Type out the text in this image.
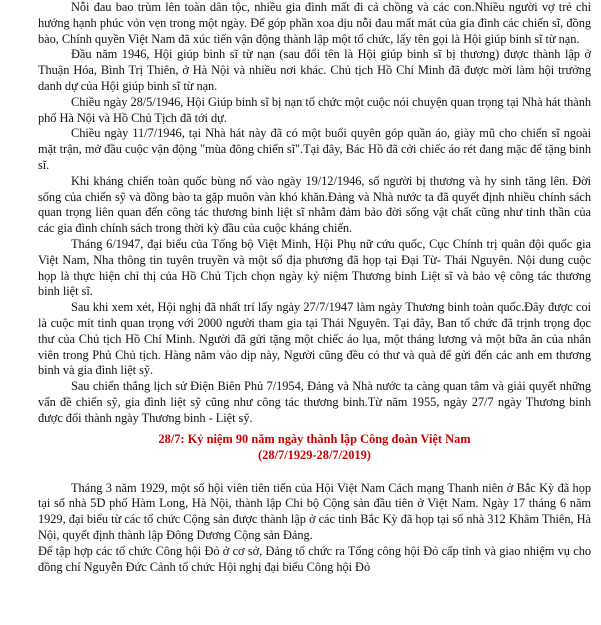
Nỗi đau bao trùm lên toàn dân tộc, nhiều gia đình mất đi cả chồng và các con.Nhiều người vợ trẻ chỉ hướng hạnh phúc vỏn vẹn trong một ngày. Để góp phần xoa dịu nỗi đau mất mát của gia đình các chiến sĩ, đồng bào, Chính quyền Việt Nam đã xúc tiến vận động thành lập một tổ chức, lấy tên gọi là Hội giúp binh sĩ từ nạn.

Đầu năm 1946, Hội giúp binh sĩ từ nạn (sau đổi tên là Hội giúp binh sĩ bị thương) được thành lập ở Thuận Hóa, Bình Trị Thiên, ở Hà Nội và nhiều nơi khác. Chủ tịch Hồ Chí Minh đã được mời làm hội trưởng danh dự của Hội giúp binh sĩ từ nạn.

Chiều ngày 28/5/1946, Hội Giúp binh sĩ bị nạn tổ chức một cuộc nói chuyện quan trọng tại Nhà hát thành phố Hà Nội và Hồ Chủ Tịch đã tới dự.

Chiều ngày 11/7/1946, tại Nhà hát này đã có một buổi quyên góp quần áo, giày mũ cho chiến sĩ ngoài mặt trận, mở đầu cuộc vận động "mùa đông chiến sĩ".Tại đây, Bác Hồ đã cởi chiếc áo rét đang mặc để tặng binh sĩ.

Khi kháng chiến toàn quốc bùng nổ vào ngày 19/12/1946, số người bị thương và hy sinh tăng lên. Đời sống của chiến sỹ và đồng bào ta gặp muôn vàn khó khăn.Đảng và Nhà nước ta đã quyết định nhiều chính sách quan trọng liên quan đến công tác thương binh liệt sĩ nhằm đảm bảo đời sống vật chất cũng như tinh thần của các gia đình chính sách trong thời kỳ đầu của cuộc kháng chiến.

Tháng 6/1947, đại biểu của Tổng bộ Việt Minh, Hội Phụ nữ cứu quốc, Cục Chính trị quân đội quốc gia Việt Nam, Nha thông tin tuyên truyền và một số địa phương đã họp tại Đại Từ- Thái Nguyên. Nội dung cuộc họp là thực hiện chỉ thị của Hồ Chủ Tịch chọn ngày kỷ niệm Thương binh Liệt sĩ và bảo vệ công tác thương binh liệt sĩ.

Sau khi xem xét, Hội nghị đã nhất trí lấy ngày 27/7/1947 làm ngày Thương binh toàn quốc.Đây được coi là cuộc mít tinh quan trọng với 2000 người tham gia tại Thái Nguyên. Tại đây, Ban tổ chức đã trịnh trọng đọc thư của Chủ tịch Hồ Chí Minh. Người đã gửi tặng một chiếc áo lụa, một tháng lương và một bữa ăn của nhân viên trong Phủ Chủ tịch. Hàng năm vào dịp này, Người cũng đều có thư và quà để gửi đến các anh em thương binh và gia đình liệt sỹ.

Sau chiến thắng lịch sử Điện Biên Phủ 7/1954, Đảng và Nhà nước ta càng quan tâm và giải quyết những vấn đề chiến sỹ, gia đình liệt sỹ cũng như công tác thương binh.Từ năm 1955, ngày 27/7 ngày Thương binh được đổi thành ngày Thương binh - Liệt sỹ.

28/7: Kỷ niệm 90 năm ngày thành lập Công đoàn Việt Nam

(28/7/1929-28/7/2019)

Tháng 3 năm 1929, một số hội viên tiên tiến của Hội Việt Nam Cách mạng Thanh niên ở Bắc Kỳ đã họp tại số nhà 5D phố Hàm Long, Hà Nội, thành lập Chi bộ Cộng sản đầu tiên ở Việt Nam. Ngày 17 tháng 6 năm 1929, đại biểu từ các tổ chức Cộng sản được thành lập ở các tỉnh Bắc Kỳ đã họp tại số nhà 312 Khâm Thiên, Hà Nội, quyết định thành lập Đông Dương Cộng sản Đảng.

Để tập hợp các tổ chức Công hội Đỏ ở cơ sở, Đảng tổ chức ra Tổng công hội Đỏ cấp tỉnh và giao nhiệm vụ cho đồng chí Nguyễn Đức Cảnh tổ chức Hội nghị đại biểu Công hội Đỏ
